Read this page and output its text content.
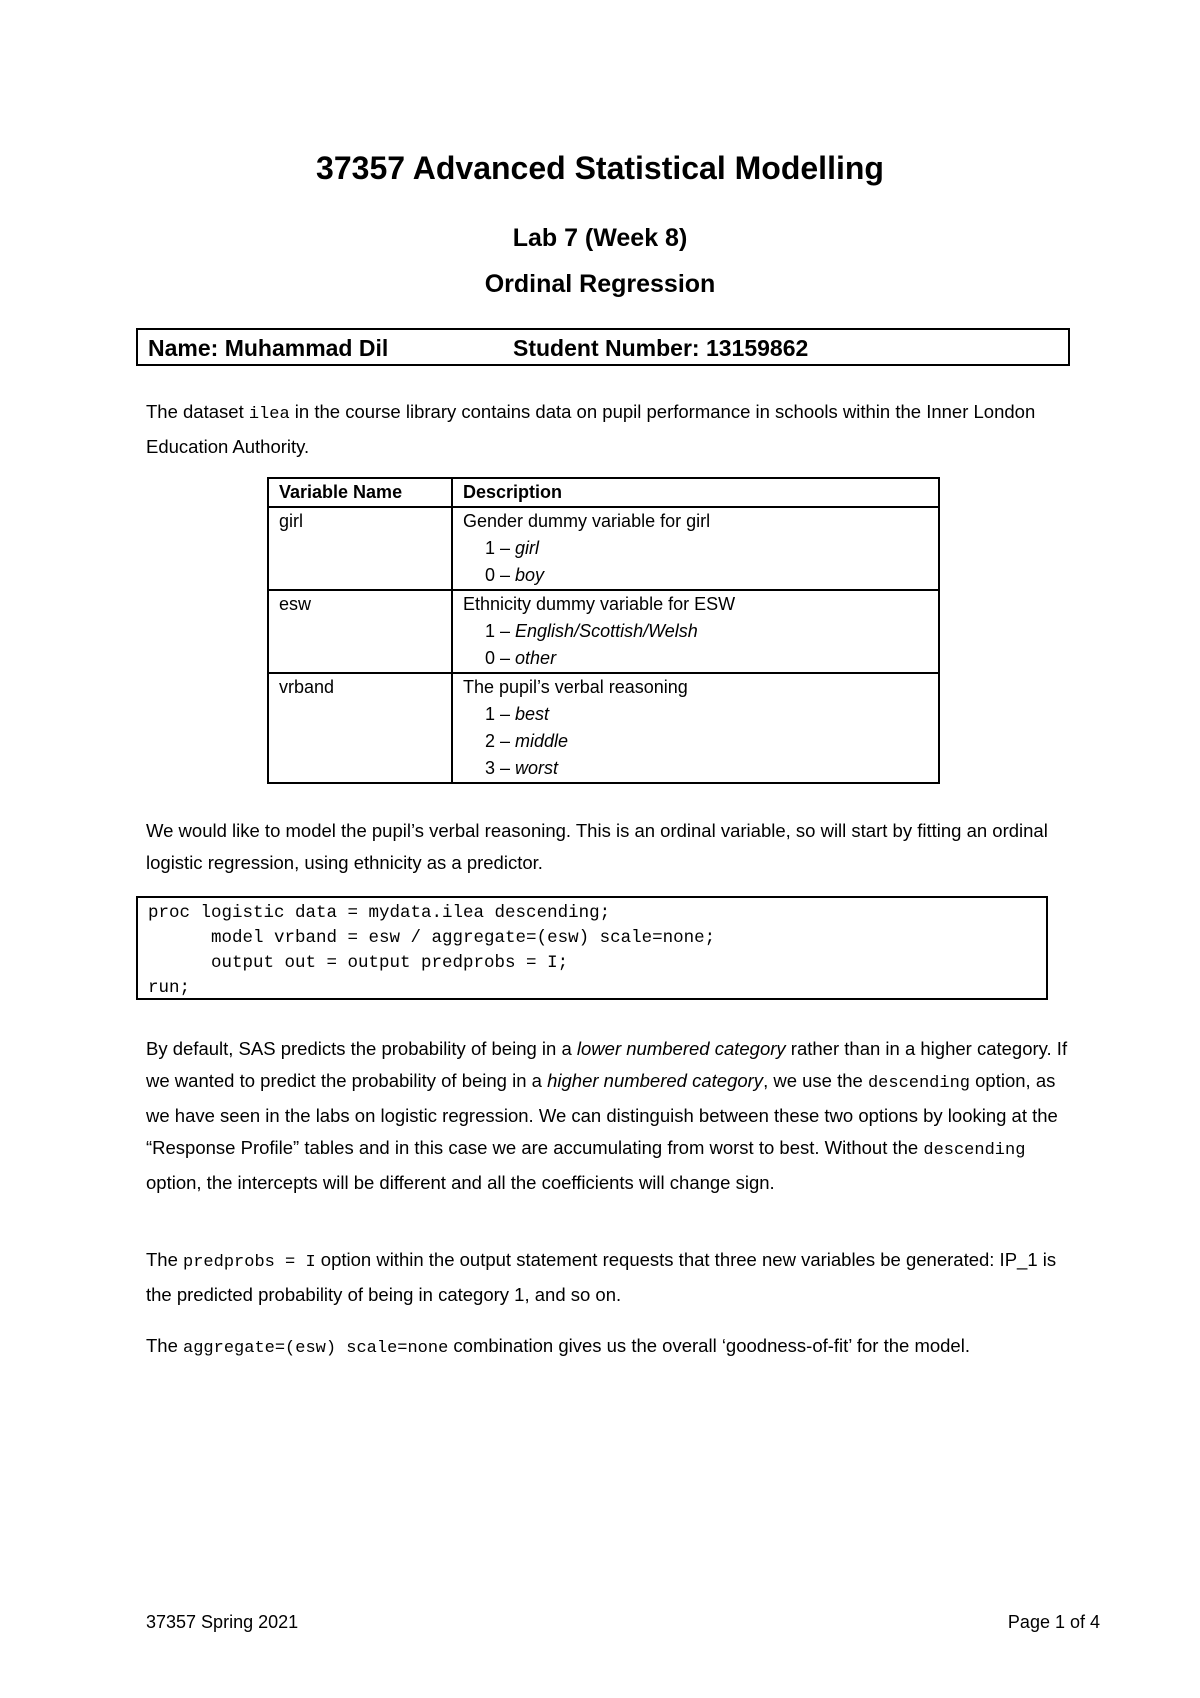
37357 Advanced Statistical Modelling
Lab 7 (Week 8)
Ordinal Regression
Name: Muhammad Dil	Student Number: 13159862
The dataset ilea in the course library contains data on pupil performance in schools within the Inner London Education Authority.
Variable Name	Description
girl	Gender dummy variable for girl
1 – girl
0 – boy

esw	Ethnicity dummy variable for ESW
1 – English/Scottish/Welsh
0 – other

vrband	The pupil’s verbal reasoning
1 – best
2 – middle
3 – worst
We would like to model the pupil’s verbal reasoning. This is an ordinal variable, so will start by fitting an ordinal logistic regression, using ethnicity as a predictor.
proc logistic data = mydata.ilea descending;
model vrband = esw / aggregate=(esw) scale=none;
output out = output predprobs = I;
run;
By default, SAS predicts the probability of being in a lower numbered category rather than in a higher category. If we wanted to predict the probability of being in a higher numbered category, we use the descending option, as we have seen in the labs on logistic regression. We can distinguish between these two options by looking at the “Response Profile” tables and in this case we are accumulating from worst to best. Without the descending option, the intercepts will be different and all the coefficients will change sign.
The predprobs = I option within the output statement requests that three new variables be generated: IP_1 is the predicted probability of being in category 1, and so on.
The aggregate=(esw) scale=none combination gives us the overall ‘goodness-of-fit’ for the model.
37357 Spring 2021	Page 1 of 4
